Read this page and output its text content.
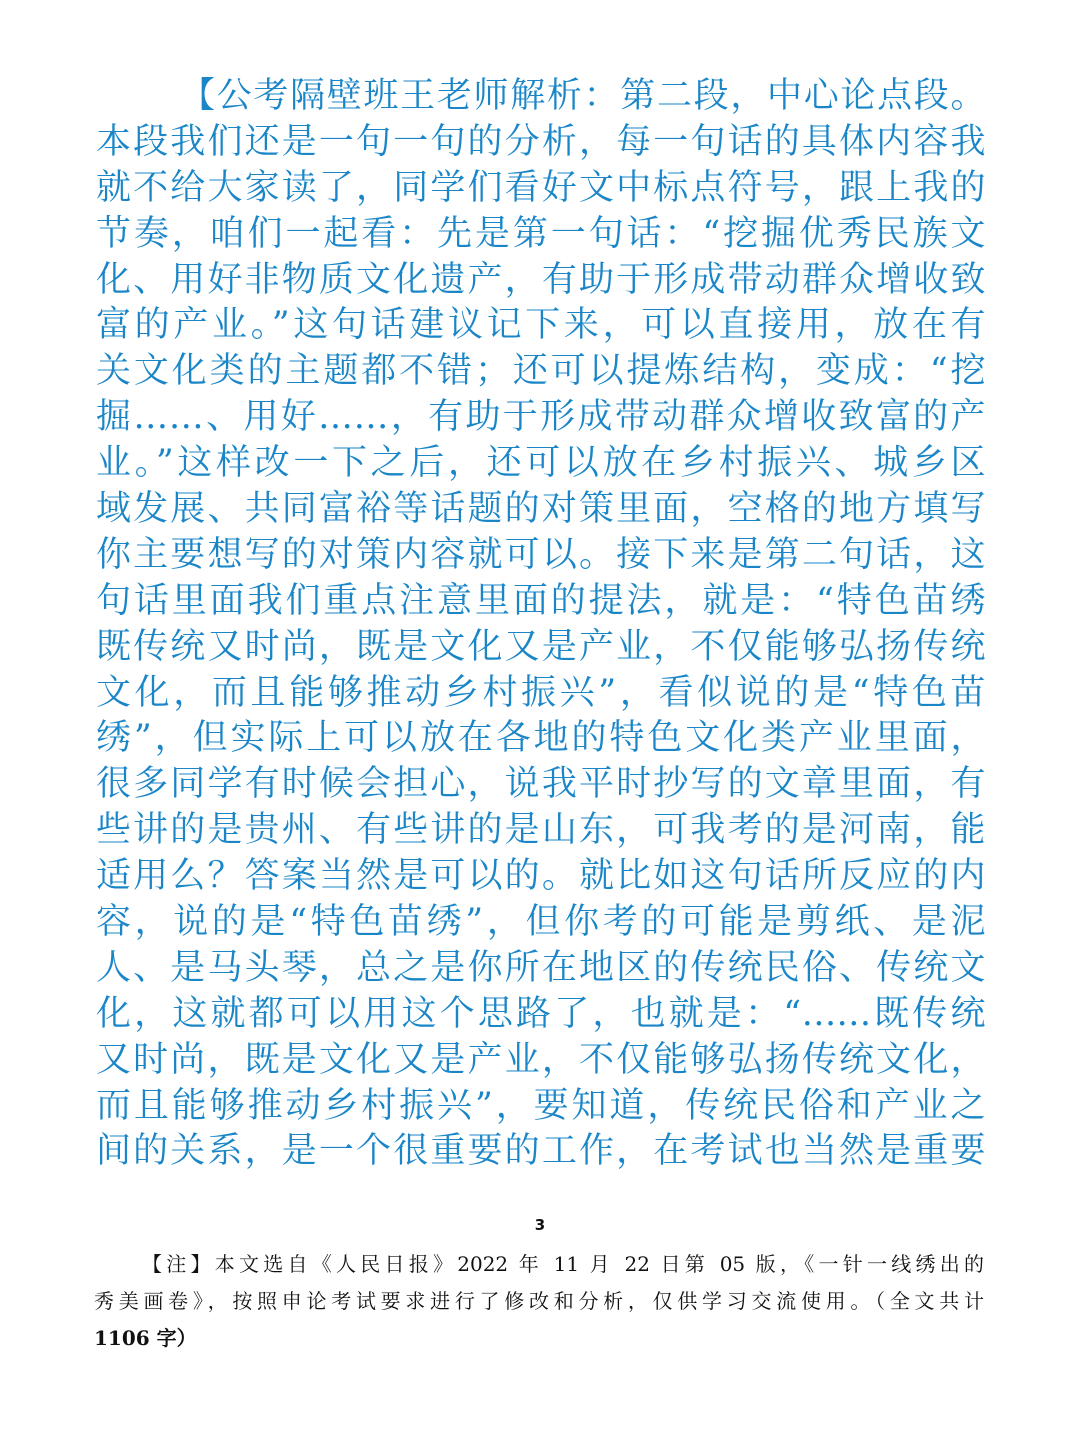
【公考隔壁班王老师解析：第二段，中心论点段。
本段我们还是一句一句的分析，每一句话的具体内容我
就不给大家读了，同学们看好文中标点符号，跟上我的
节奏，咱们一起看：先是第一句话：“挖掘优秀民族文
化、用好非物质文化遗产，有助于形成带动群众增收致
富的产业。”这句话建议记下来，可以直接用，放在有
关文化类的主题都不错；还可以提炼结构，变成：“挖
掘……、用好……，有助于形成带动群众增收致富的产
业。”这样改一下之后，还可以放在乡村振兴、城乡区
域发展、共同富裕等话题的对策里面，空格的地方填写
你主要想写的对策内容就可以。接下来是第二句话，这
句话里面我们重点注意里面的提法，就是：“特色苗绣
既传统又时尚，既是文化又是产业，不仅能够弘扬传统
文化，而且能够推动乡村振兴”，看似说的是“特色苗
绣”，但实际上可以放在各地的特色文化类产业里面，
很多同学有时候会担心，说我平时抄写的文章里面，有
些讲的是贵州、有些讲的是山东，可我考的是河南，能
适用么？答案当然是可以的。就比如这句话所反应的内
容，说的是“特色苗绣”，但你考的可能是剪纸、是泥
人、是马头琴，总之是你所在地区的传统民俗、传统文
化，这就都可以用这个思路了，也就是：“......既传统
又时尚，既是文化又是产业，不仅能够弘扬传统文化，
而且能够推动乡村振兴”，要知道，传统民俗和产业之
间的关系，是一个很重要的工作，在考试也当然是重要
3
【注】本文选自《人民日报》2022 年 11 月 22 日第 05 版，《一针一线绣出的
秀美画卷》，按照申论考试要求进行了修改和分析，仅供学习交流使用。（全文共计
1106 字）
